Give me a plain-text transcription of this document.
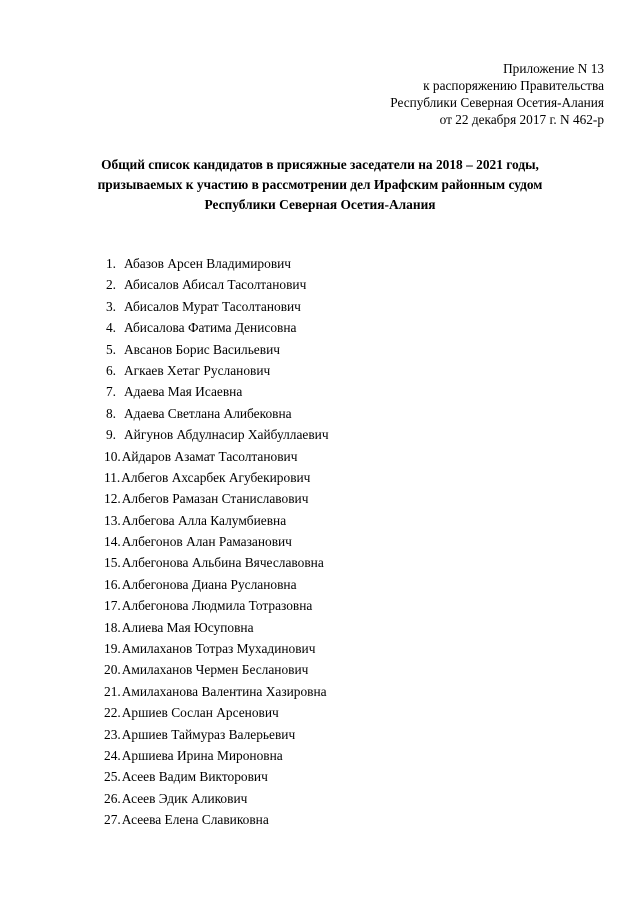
Приложение N 13
к распоряжению Правительства
Республики Северная Осетия-Алания
от 22 декабря 2017 г. N 462-р
Общий список кандидатов в присяжные заседатели на 2018 – 2021 годы,
призываемых к участию в рассмотрении дел Ирафским районным судом
Республики Северная Осетия-Алания
1. Абазов Арсен Владимирович
2. Абисалов Абисал Тасолтанович
3. Абисалов Мурат Тасолтанович
4. Абисалова Фатима Денисовна
5. Авсанов Борис Васильевич
6. Агкаев Хетаг Русланович
7. Адаева Мая Исаевна
8. Адаева Светлана Алибековна
9. Айгунов Абдулнасир Хайбуллаевич
10. Айдаров Азамат Тасолтанович
11. Албегов Ахсарбек Агубекирович
12. Албегов Рамазан Станиславович
13. Албегова Алла Калумбиевна
14. Албегонов Алан Рамазанович
15. Албегонова Альбина Вячеславовна
16. Албегонова Диана Руслановна
17. Албегонова Людмила Тотразовна
18. Алиева Мая Юсуповна
19. Амилаханов Тотраз Мухадинович
20. Амилаханов Чермен Бесланович
21. Амилаханова Валентина Хазировна
22. Аршиев Сослан Арсенович
23. Аршиев Таймураз Валерьевич
24. Аршиева Ирина Мироновна
25. Асеев Вадим Викторович
26. Асеев Эдик Аликович
27. Асеева Елена Славиковна
